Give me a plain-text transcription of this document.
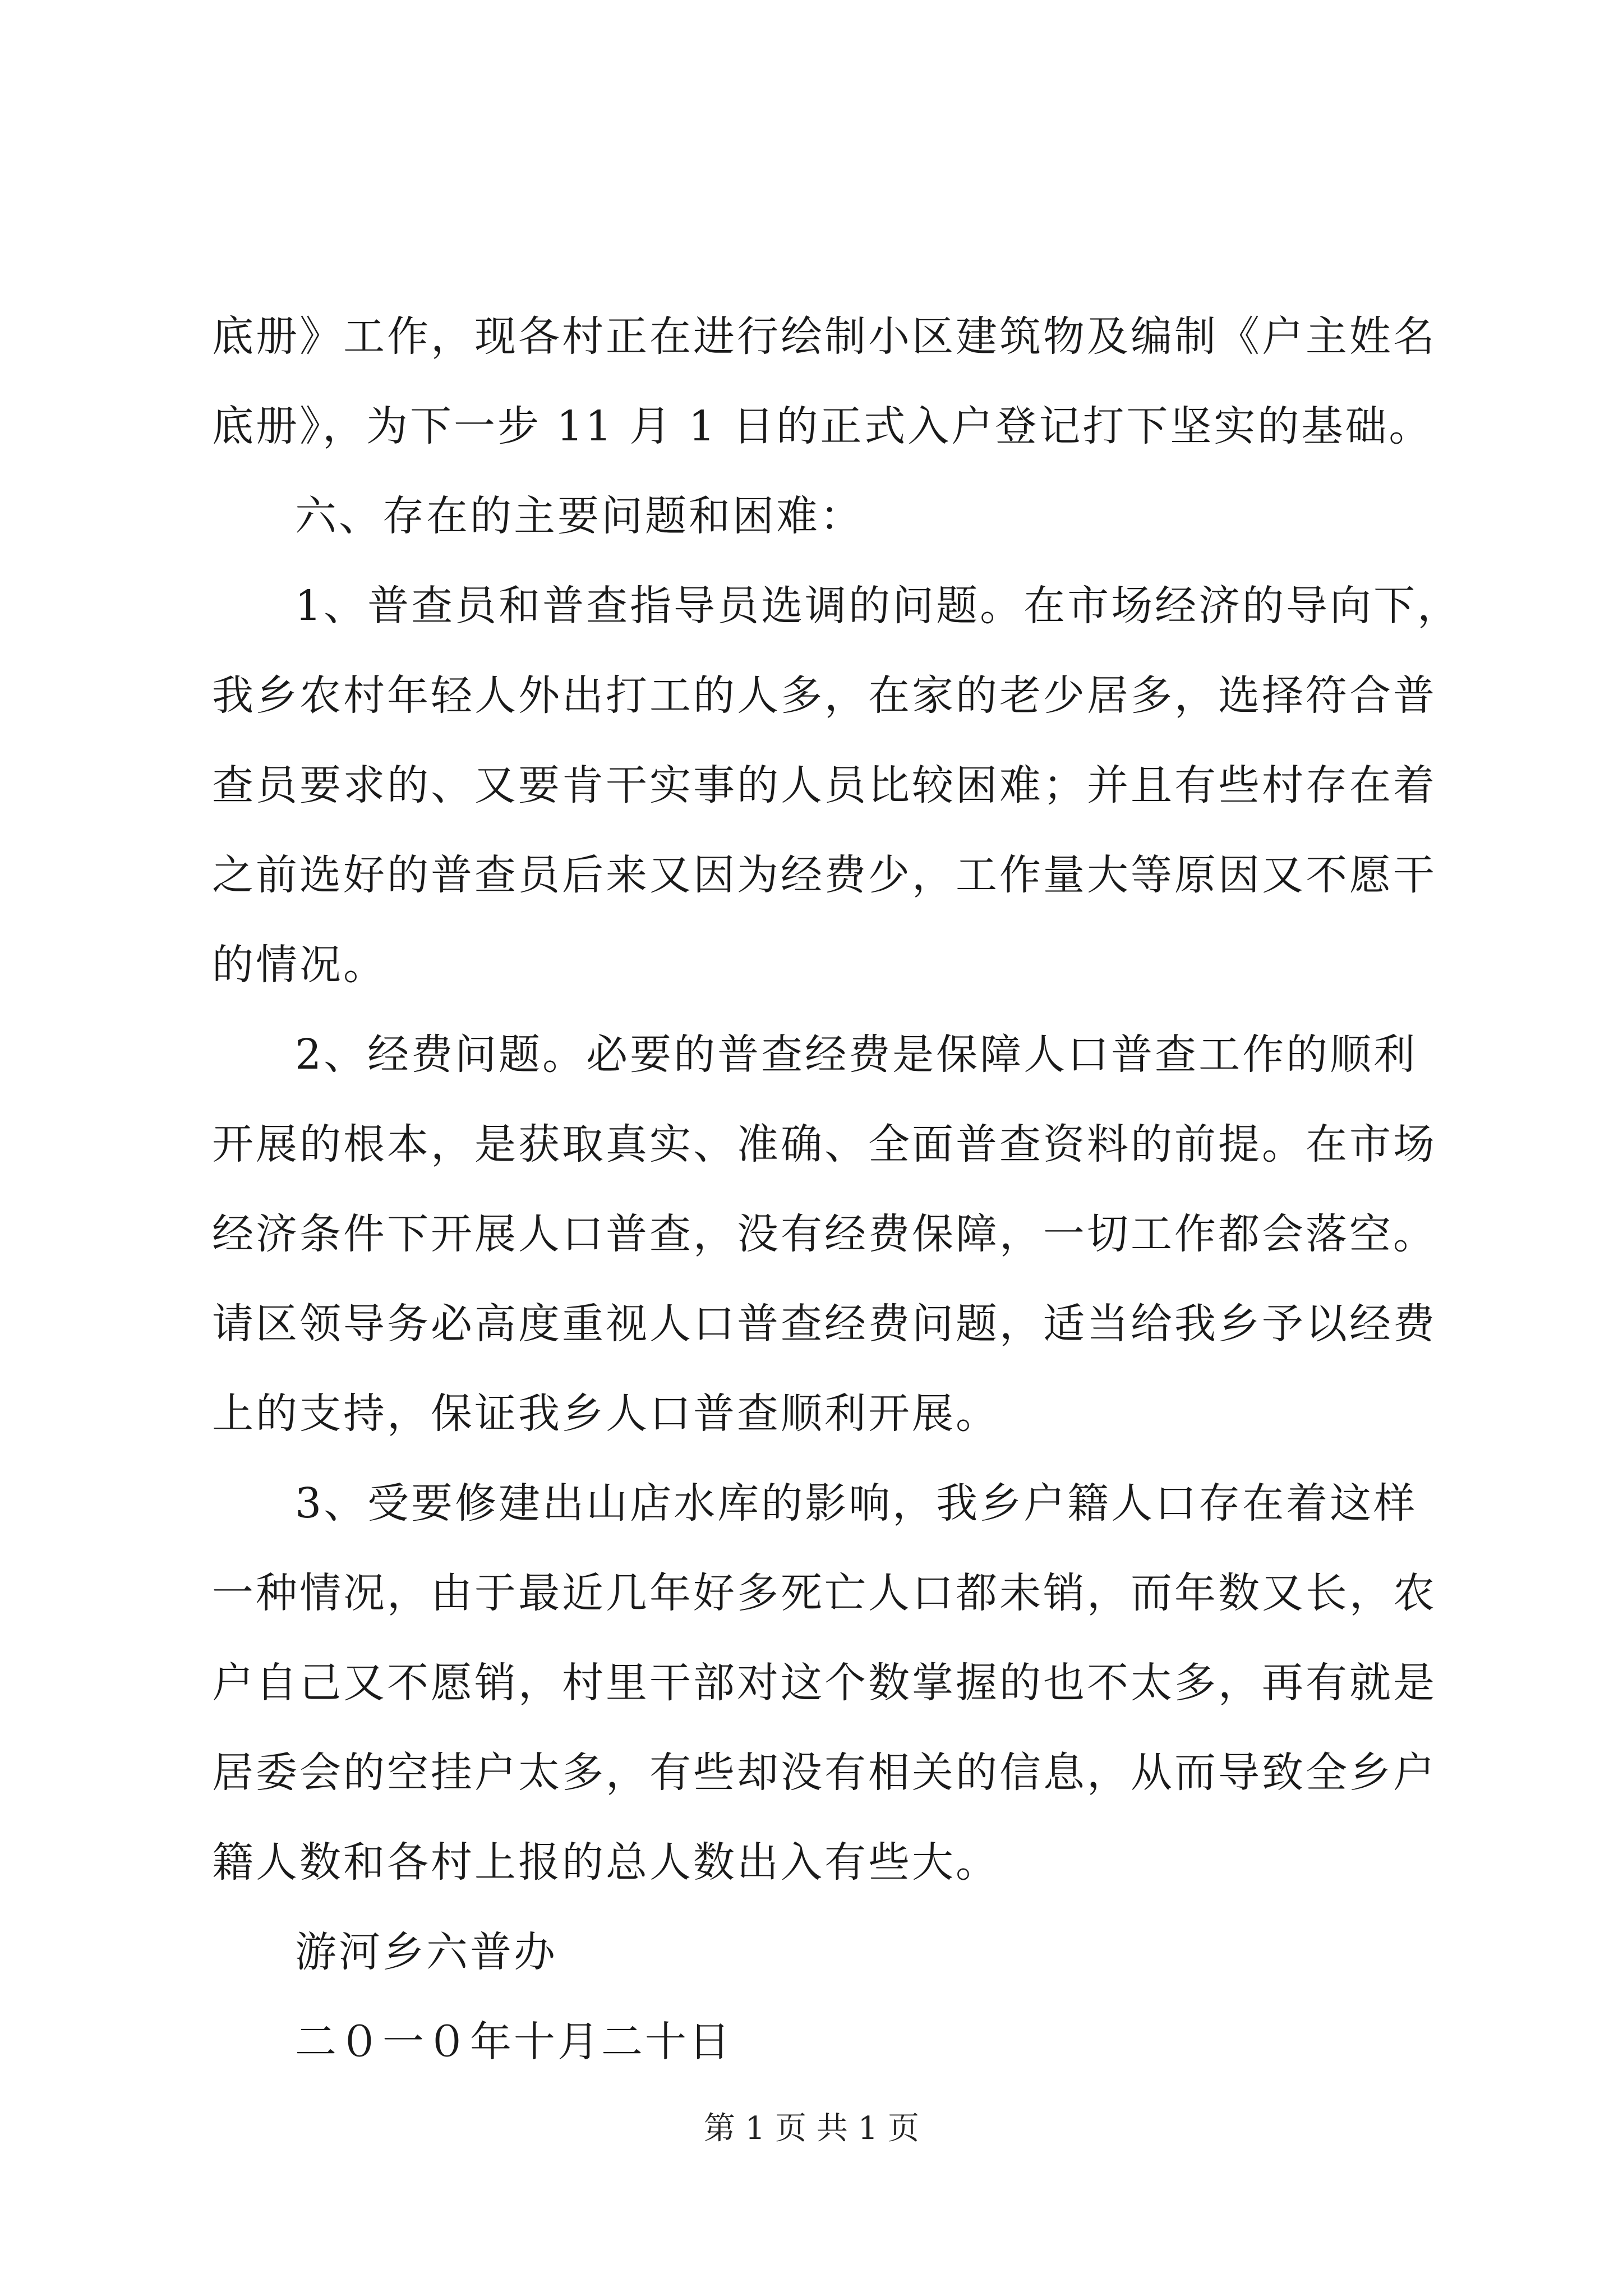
底册》工作，现各村正在进行绘制小区建筑物及编制《户主姓名
底册》，为下一步 11 月 1 日的正式入户登记打下坚实的基础。
六、存在的主要问题和困难：
1、普查员和普查指导员选调的问题。在市场经济的导向下，
我乡农村年轻人外出打工的人多，在家的老少居多，选择符合普
查员要求的、又要肯干实事的人员比较困难；并且有些村存在着
之前选好的普查员后来又因为经费少，工作量大等原因又不愿干
的情况。
2、经费问题。必要的普查经费是保障人口普查工作的顺利
开展的根本，是获取真实、准确、全面普查资料的前提。在市场
经济条件下开展人口普查，没有经费保障，一切工作都会落空。
请区领导务必高度重视人口普查经费问题，适当给我乡予以经费
上的支持，保证我乡人口普查顺利开展。
3、受要修建出山店水库的影响，我乡户籍人口存在着这样
一种情况，由于最近几年好多死亡人口都未销，而年数又长，农
户自己又不愿销，村里干部对这个数掌握的也不太多，再有就是
居委会的空挂户太多，有些却没有相关的信息，从而导致全乡户
籍人数和各村上报的总人数出入有些大。
游河乡六普办
二０一０年十月二十日
第 1 页 共 1 页
